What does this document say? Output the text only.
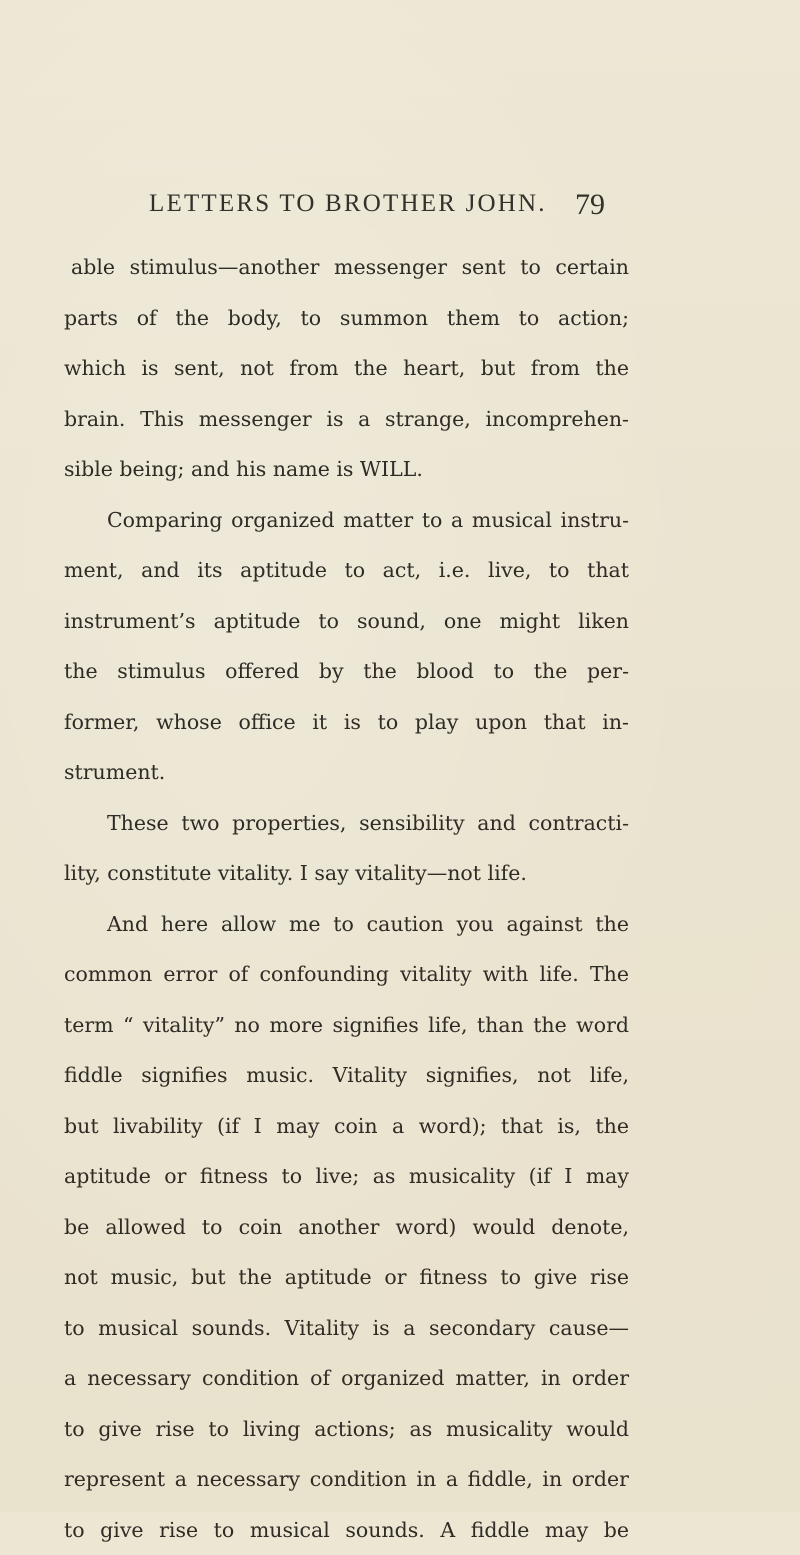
LETTERS TO BROTHER JOHN. 79
able stimulus—another messenger sent to certain
parts of the body, to summon them to action;
which is sent, not from the heart, but from the
brain. This messenger is a strange, incomprehen-
sible being; and his name is WILL.
Comparing organized matter to a musical instru-
ment, and its aptitude to act, i.e. live, to that
instrument’s aptitude to sound, one might liken
the stimulus offered by the blood to the per-
former, whose office it is to play upon that in-
strument.
These two properties, sensibility and contracti-
lity, constitute vitality. I say vitality—not life.
And here allow me to caution you against the
common error of confounding vitality with life. The
term “ vitality” no more signifies life, than the word
fiddle signifies music. Vitality signifies, not life,
but livability (if I may coin a word); that is, the
aptitude or fitness to live; as musicality (if I may
be allowed to coin another word) would denote,
not music, but the aptitude or fitness to give rise
to musical sounds. Vitality is a secondary cause—
a necessary condition of organized matter, in order
to give rise to living actions; as musicality would
represent a necessary condition in a fiddle, in order
to give rise to musical sounds. A fiddle may be
